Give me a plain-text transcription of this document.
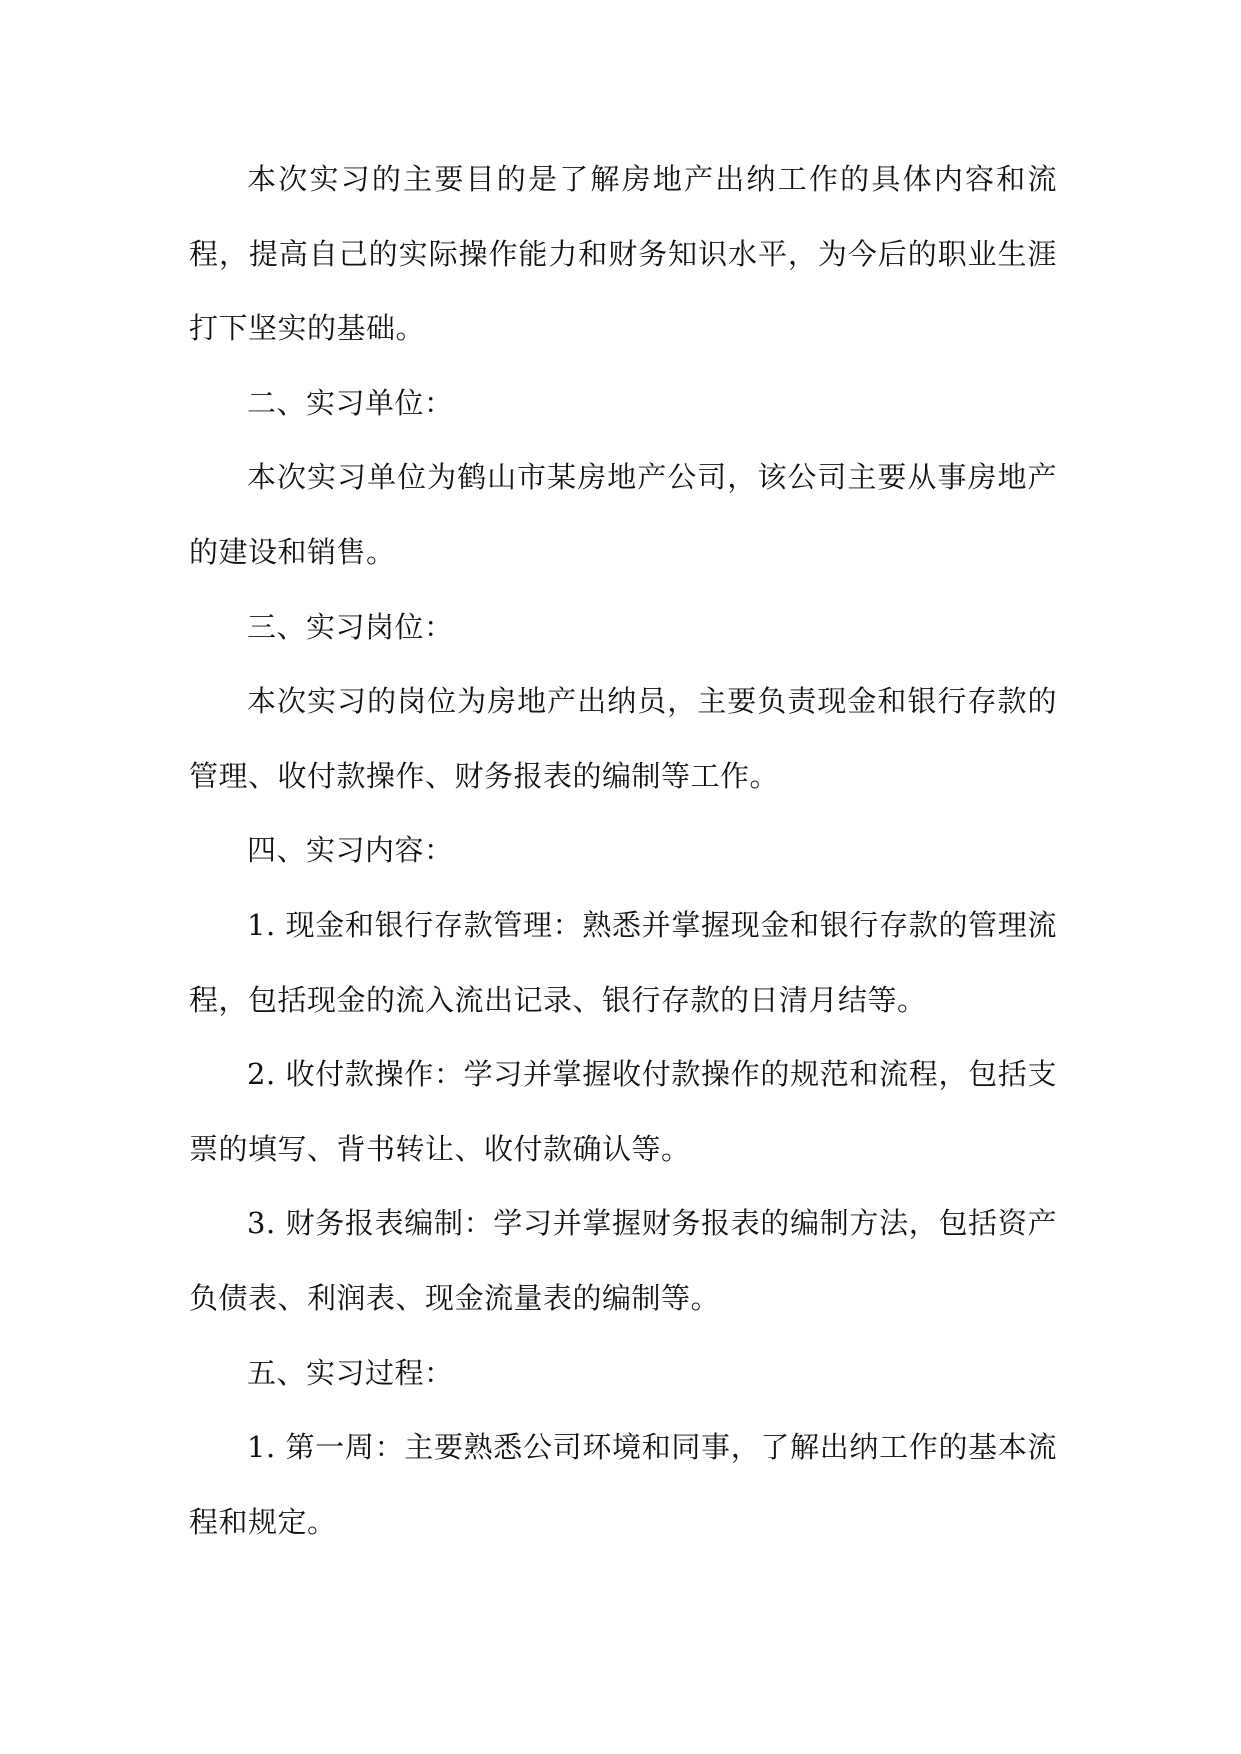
本次实习的主要目的是了解房地产出纳工作的具体内容和流程，提高自己的实际操作能力和财务知识水平，为今后的职业生涯打下坚实的基础。

二、实习单位：

本次实习单位为鹤山市某房地产公司，该公司主要从事房地产的建设和销售。

三、实习岗位：

本次实习的岗位为房地产出纳员，主要负责现金和银行存款的管理、收付款操作、财务报表的编制等工作。

四、实习内容：

1. 现金和银行存款管理：熟悉并掌握现金和银行存款的管理流程，包括现金的流入流出记录、银行存款的日清月结等。

2. 收付款操作：学习并掌握收付款操作的规范和流程，包括支票的填写、背书转让、收付款确认等。

3. 财务报表编制：学习并掌握财务报表的编制方法，包括资产负债表、利润表、现金流量表的编制等。

五、实习过程：

1. 第一周：主要熟悉公司环境和同事，了解出纳工作的基本流程和规定。
